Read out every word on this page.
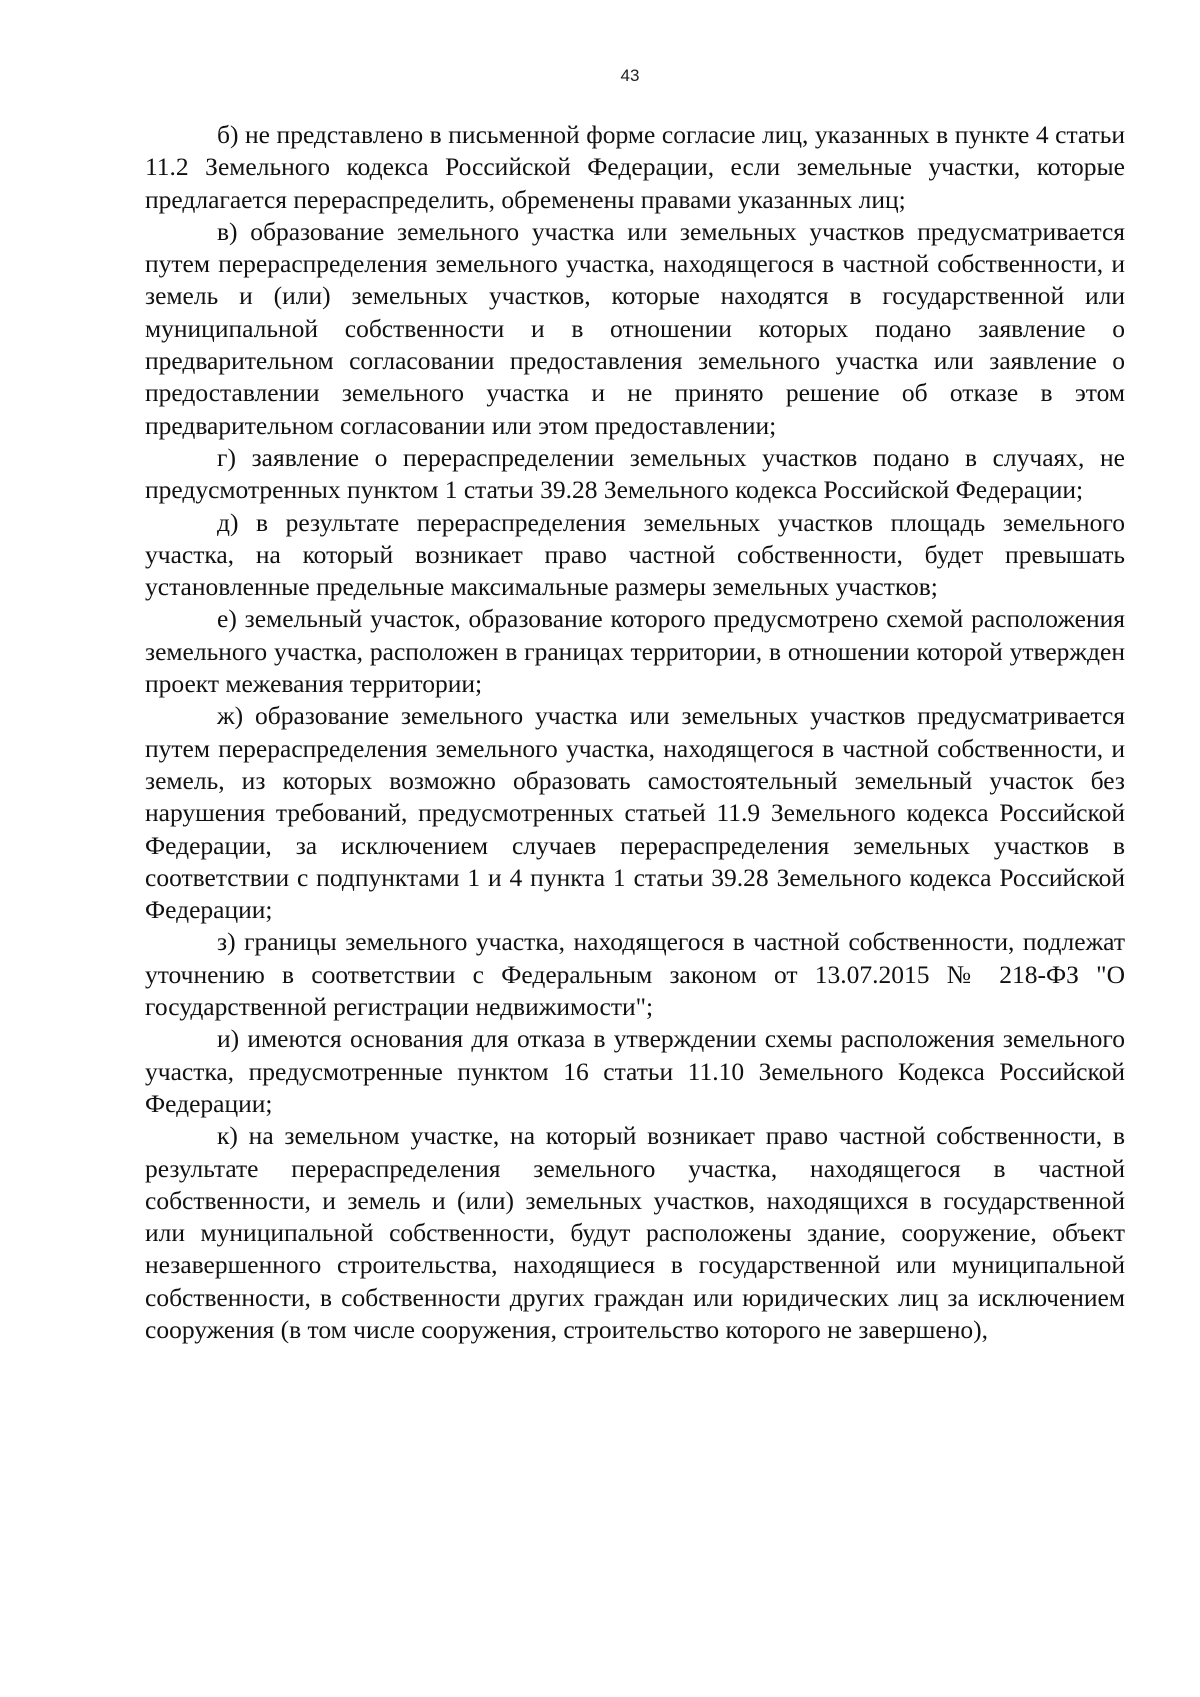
43

б) не представлено в письменной форме согласие лиц, указанных в пункте 4 статьи 11.2 Земельного кодекса Российской Федерации, если земельные участки, которые предлагается перераспределить, обременены правами указанных лиц;

в) образование земельного участка или земельных участков предусматривается путем перераспределения земельного участка, находящегося в частной собственности, и земель и (или) земельных участков, которые находятся в государственной или муниципальной собственности и в отношении которых подано заявление о предварительном согласовании предоставления земельного участка или заявление о предоставлении земельного участка и не принято решение об отказе в этом предварительном согласовании или этом предоставлении;

г) заявление о перераспределении земельных участков подано в случаях, не предусмотренных пунктом 1 статьи 39.28 Земельного кодекса Российской Федерации;

д) в результате перераспределения земельных участков площадь земельного участка, на который возникает право частной собственности, будет превышать установленные предельные максимальные размеры земельных участков;

е) земельный участок, образование которого предусмотрено схемой расположения земельного участка, расположен в границах территории, в отношении которой утвержден проект межевания территории;

ж) образование земельного участка или земельных участков предусматривается путем перераспределения земельного участка, находящегося в частной собственности, и земель, из которых возможно образовать самостоятельный земельный участок без нарушения требований, предусмотренных статьей 11.9 Земельного кодекса Российской Федерации, за исключением случаев перераспределения земельных участков в соответствии с подпунктами 1 и 4 пункта 1 статьи 39.28 Земельного кодекса Российской Федерации;

з) границы земельного участка, находящегося в частной собственности, подлежат уточнению в соответствии с Федеральным законом от 13.07.2015 № 218-ФЗ "О государственной регистрации недвижимости";

и) имеются основания для отказа в утверждении схемы расположения земельного участка, предусмотренные пунктом 16 статьи 11.10 Земельного Кодекса Российской Федерации;

к) на земельном участке, на который возникает право частной собственности, в результате перераспределения земельного участка, находящегося в частной собственности, и земель и (или) земельных участков, находящихся в государственной или муниципальной собственности, будут расположены здание, сооружение, объект незавершенного строительства, находящиеся в государственной или муниципальной собственности, в собственности других граждан или юридических лиц за исключением сооружения (в том числе сооружения, строительство которого не завершено),
